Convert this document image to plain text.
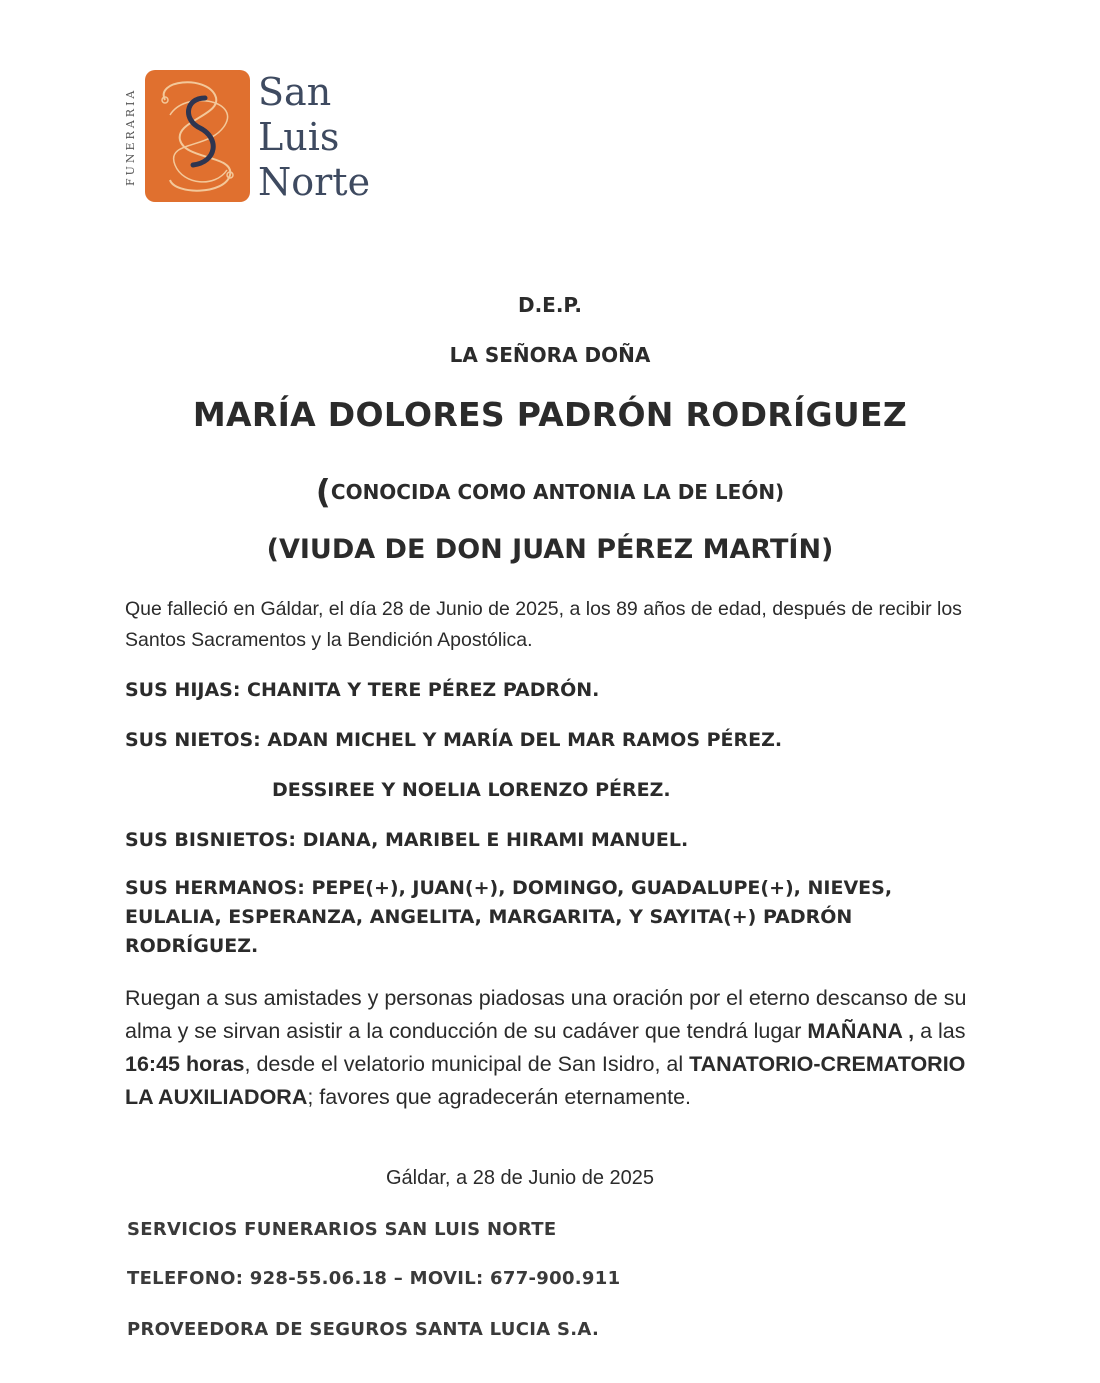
FUNERARIA	San
Luis
Norte
D.E.P.
LA SEÑORA DOÑA
MARÍA DOLORES PADRÓN RODRÍGUEZ
(CONOCIDA COMO ANTONIA LA DE LEÓN)
(VIUDA DE DON JUAN PÉREZ MARTÍN)
Que falleció en Gáldar, el día 28 de Junio de 2025, a los 89 años de edad, después de recibir los Santos Sacramentos y la Bendición Apostólica.
SUS HIJAS: CHANITA Y TERE PÉREZ PADRÓN.
SUS NIETOS: ADAN MICHEL Y MARÍA DEL MAR RAMOS PÉREZ.
DESSIREE Y NOELIA LORENZO PÉREZ.
SUS BISNIETOS: DIANA, MARIBEL E HIRAMI MANUEL.
SUS HERMANOS: PEPE(+), JUAN(+), DOMINGO, GUADALUPE(+), NIEVES, EULALIA, ESPERANZA, ANGELITA, MARGARITA, Y SAYITA(+) PADRÓN RODRÍGUEZ.
Ruegan a sus amistades y personas piadosas una oración por el eterno descanso de su alma y se sirvan asistir a la conducción de su cadáver que tendrá lugar MAÑANA , a las 16:45 horas, desde el velatorio municipal de San Isidro, al TANATORIO-CREMATORIO LA AUXILIADORA; favores que agradecerán eternamente.
Gáldar, a 28 de Junio de 2025
SERVICIOS FUNERARIOS SAN LUIS NORTE
TELEFONO: 928-55.06.18 – MOVIL: 677-900.911
PROVEEDORA DE SEGUROS SANTA LUCIA S.A.
